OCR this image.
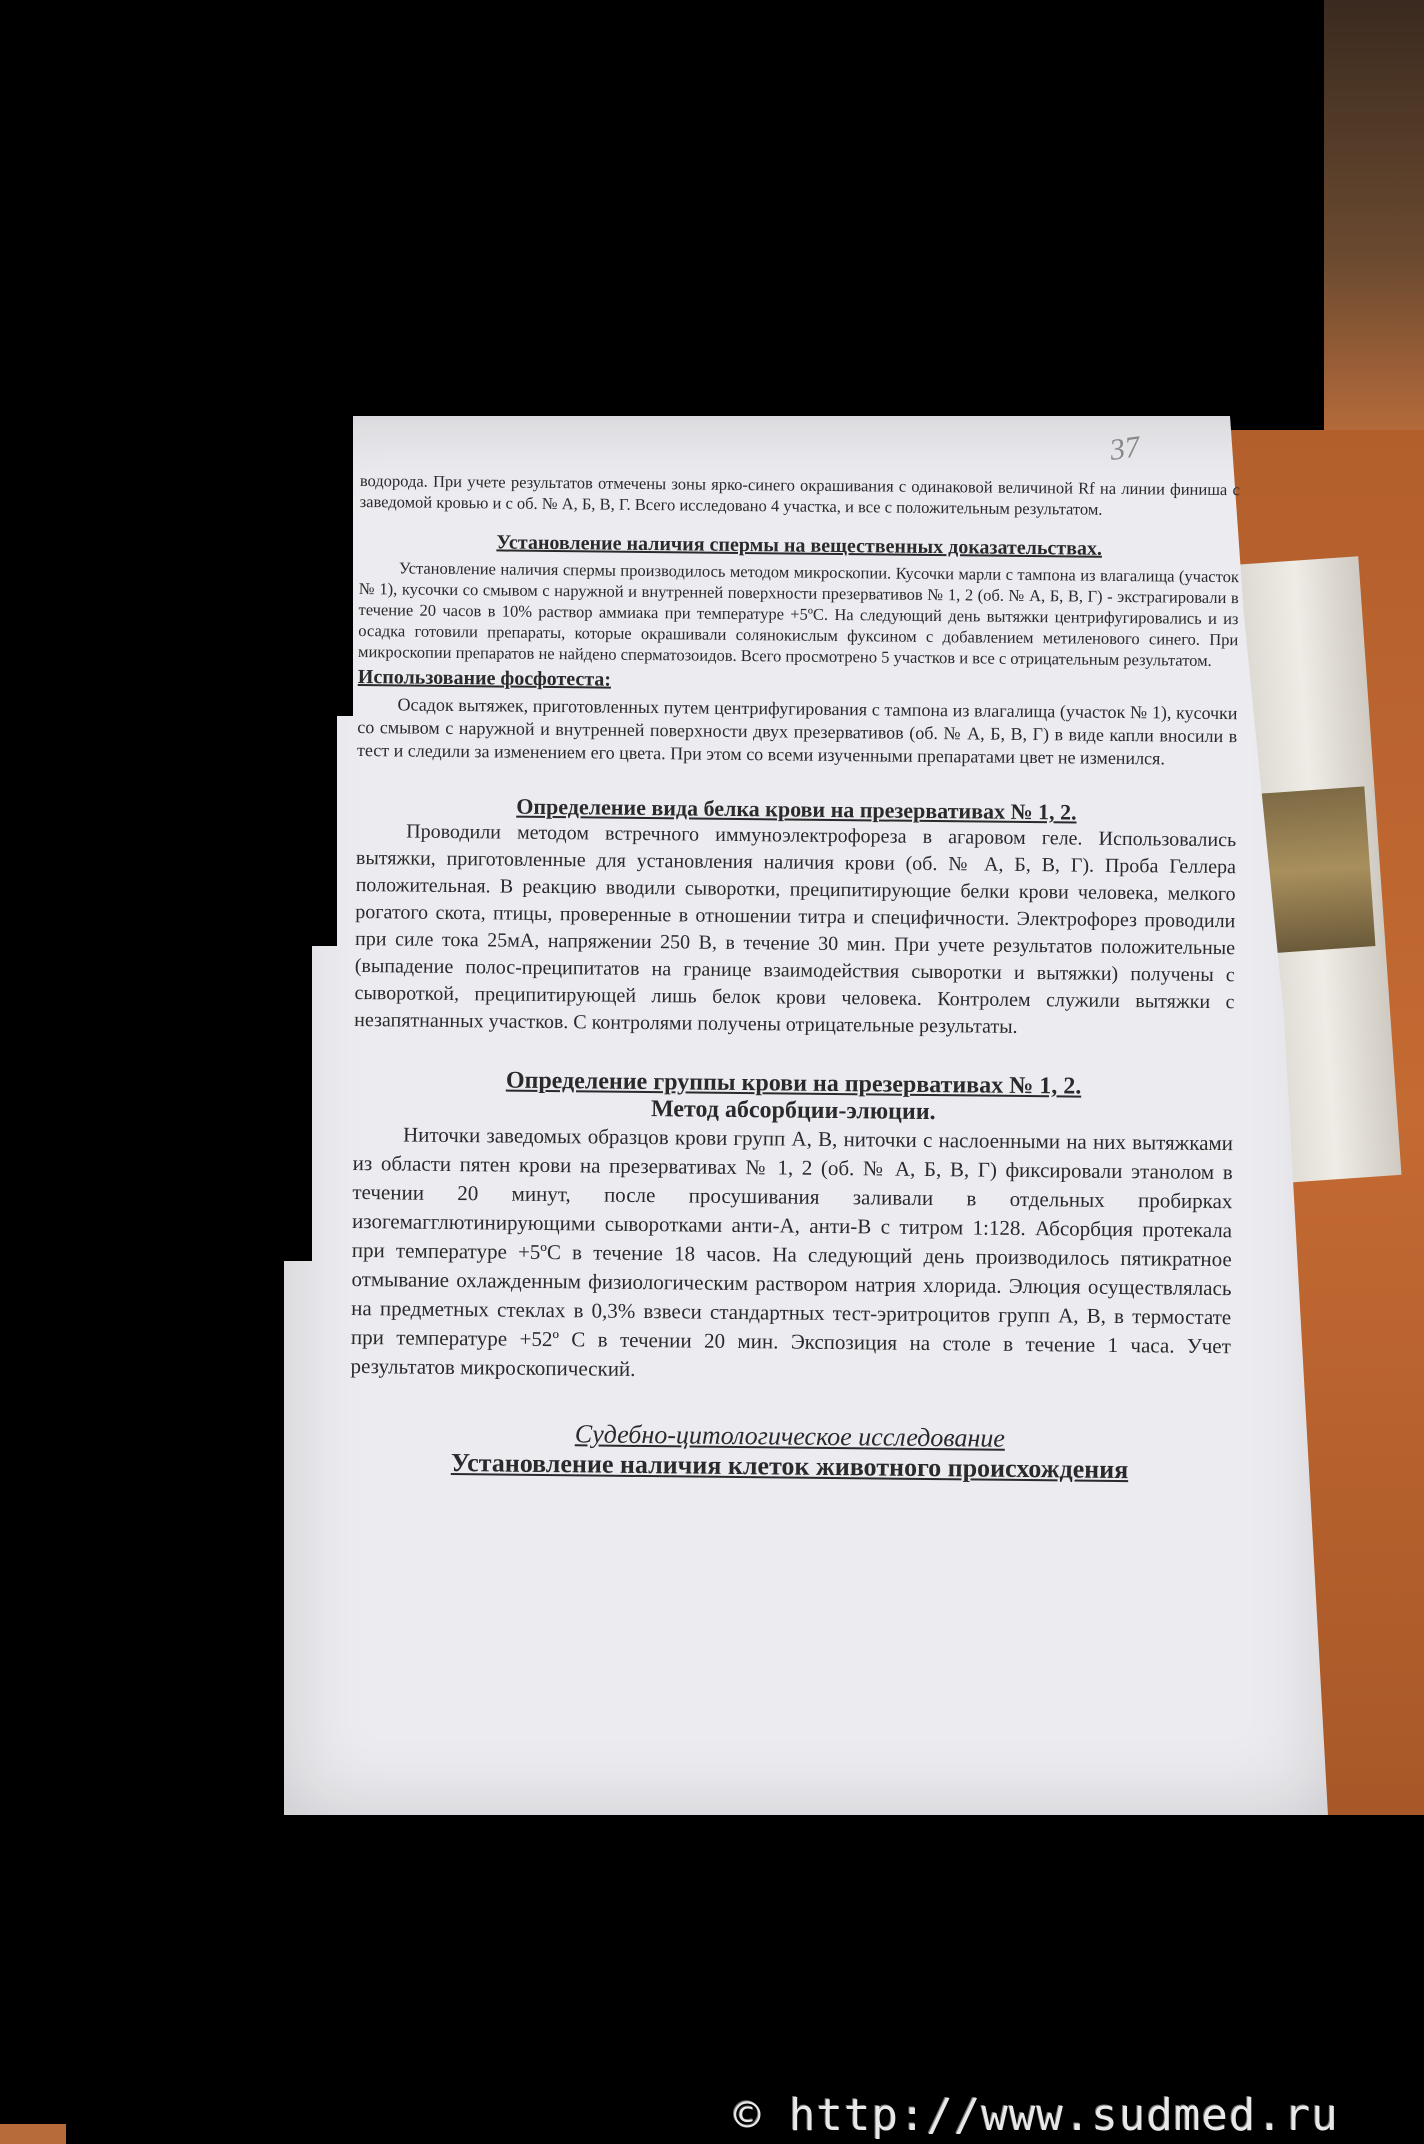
37

водорода. При учете результатов отмечены зоны ярко-синего окрашивания с одинаковой величиной Rf на линии финиша с заведомой кровью и с об. № А, Б, В, Г. Всего исследовано 4 участка, и все с положительным результатом.

Установление наличия спермы на вещественных доказательствах.

Установление наличия спермы производилось методом микроскопии. Кусочки марли с тампона из влагалища (участок № 1), кусочки со смывом с наружной и внутренней поверхности презервативов № 1, 2 (об. № А, Б, В, Г) - экстрагировали в течение 20 часов в 10% раствор аммиака при температуре +5ºС. На следующий день вытяжки центрифугировались и из осадка готовили препараты, которые окрашивали солянокислым фуксином с добавлением метиленового синего. При микроскопии препаратов не найдено сперматозоидов. Всего просмотрено 5 участков и все с отрицательным результатом.

Использование фосфотеста:

Осадок вытяжек, приготовленных путем центрифугирования с тампона из влагалища (участок № 1), кусочки со смывом с наружной и внутренней поверхности двух презервативов (об. № А, Б, В, Г) в виде капли вносили в тест и следили за изменением его цвета. При этом со всеми изученными препаратами цвет не изменился.

Определение вида белка крови на презервативах № 1, 2.

Проводили методом встречного иммуноэлектрофореза в агаровом геле. Использовались вытяжки, приготовленные для установления наличия крови (об. № А, Б, В, Г). Проба Геллера положительная. В реакцию вводили сыворотки, преципитирующие белки крови человека, мелкого рогатого скота, птицы, проверенные в отношении титра и специфичности. Электрофорез проводили при силе тока 25мА, напряжении 250 В, в течение 30 мин. При учете результатов положительные (выпадение полос-преципитатов на границе взаимодействия сыворотки и вытяжки) получены с сывороткой, преципитирующей лишь белок крови человека. Контролем служили вытяжки с незапятнанных участков. С контролями получены отрицательные результаты.

Определение группы крови на презервативах № 1, 2.

Метод абсорбции-элюции.

Ниточки заведомых образцов крови групп А, В, ниточки с наслоенными на них вытяжками из области пятен крови на презервативах № 1, 2 (об. № А, Б, В, Г) фиксировали этанолом в течении 20 минут, после просушивания заливали в отдельных пробирках изогемагглютинирующими сыворотками анти-А, анти-В с титром 1:128. Абсорбция протекала при температуре +5ºС в течение 18 часов. На следующий день производилось пятикратное отмывание охлажденным физиологическим раствором натрия хлорида. Элюция осуществлялась на предметных стеклах в 0,3% взвеси стандартных тест-эритроцитов групп А, В, в термостате при температуре +52º С в течении 20 мин. Экспозиция на столе в течение 1 часа. Учет результатов микроскопический.

Судебно-цитологическое исследование

Установление наличия клеток животного происхождения

© http://www.sudmed.ru
